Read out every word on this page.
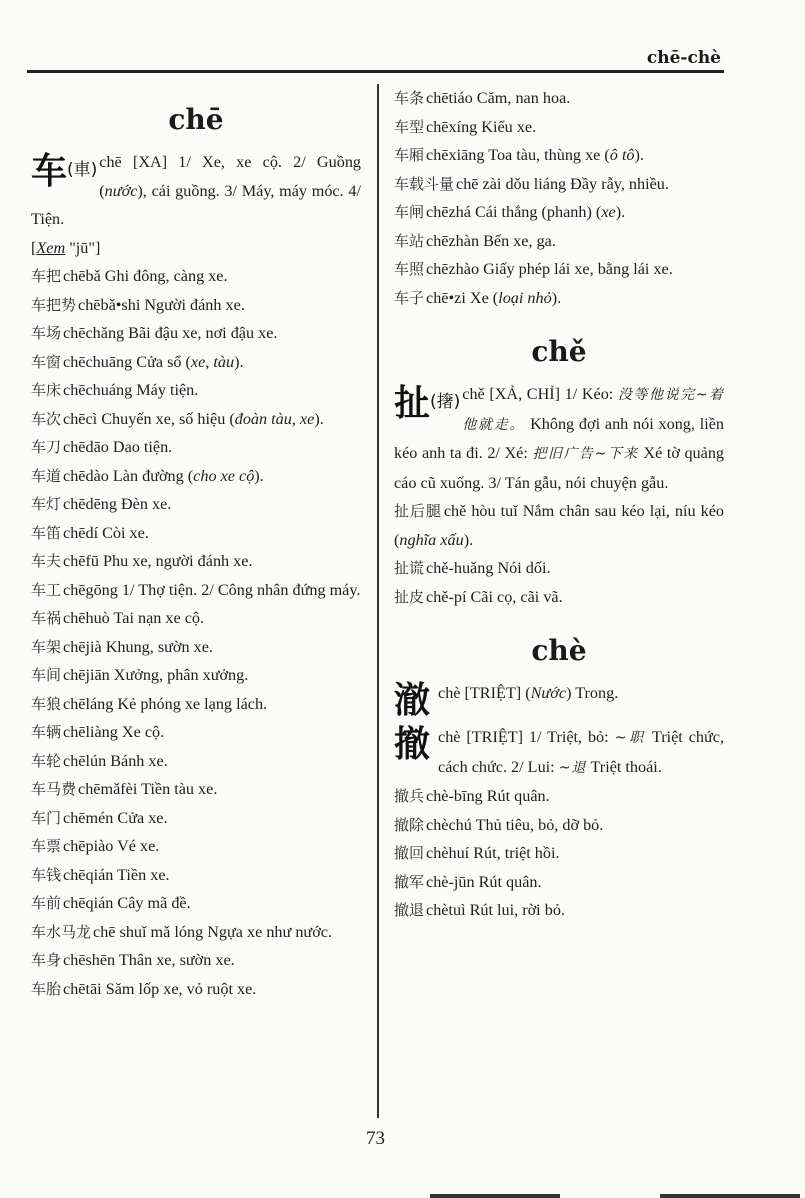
chē-chè
chē
车$^{(車)}$ chē [XA] 1/ Xe, xe cộ. 2/ Guồng (nước), cái guồng. 3/ Máy, máy móc. 4/ Tiện.
[Xem "jū"]
车把 chēbǎ Ghi đông, càng xe.
车把势 chēbǎ•shi Người đánh xe.
车场 chēchǎng Bãi đậu xe, nơi đậu xe.
车窗 chēchuāng Cửa sổ (xe, tàu).
车床 chēchuáng Máy tiện.
车次 chēcì Chuyến xe, số hiệu (đoàn tàu, xe).
车刀 chēdāo Dao tiện.
车道 chēdào Làn đường (cho xe cộ).
车灯 chēdēng Đèn xe.
车笛 chēdí Còi xe.
车夫 chēfū Phu xe, người đánh xe.
车工 chēgōng 1/ Thợ tiện. 2/ Công nhân đứng máy.
车祸 chēhuò Tai nạn xe cộ.
车架 chējià Khung, sườn xe.
车间 chējiān Xưởng, phân xưởng.
车狼 chēláng Kẻ phóng xe lạng lách.
车辆 chēliàng Xe cộ.
车轮 chēlún Bánh xe.
车马费 chēmǎfèi Tiền tàu xe.
车门 chēmén Cửa xe.
车票 chēpiào Vé xe.
车钱 chēqián Tiền xe.
车前 chēqián Cây mã đề.
车水马龙 chē shuǐ mǎ lóng Ngựa xe như nước.
车身 chēshēn Thân xe, sườn xe.
车胎 chētāi Săm lốp xe, vỏ ruột xe.
车条 chētiáo Căm, nan hoa.
车型 chēxíng Kiểu xe.
车厢 chēxiāng Toa tàu, thùng xe (ô tô).
车载斗量 chē zài dǒu liáng Đầy rẫy, nhiều.
车闸 chēzhá Cái thắng (phanh) (xe).
车站 chēzhàn Bến xe, ga.
车照 chēzhào Giấy phép lái xe, bằng lái xe.
车子 chē•zi Xe (loại nhỏ).
chě
扯$^{(撦)}$ chě [XẢ, CHỈ] 1/ Kéo: 没等他说完~着他就走。 Không đợi anh nói xong, liền kéo anh ta đi. 2/ Xé: 把旧广告~下来 Xé tờ quảng cáo cũ xuống. 3/ Tán gẫu, nói chuyện gẫu.
扯后腿 chě hòu tuǐ Nắm chân sau kéo lại, níu kéo (nghĩa xấu).
扯谎 chě-huǎng Nói dối.
扯皮 chě-pí Cãi cọ, cãi vã.
chè
澈 chè [TRIỆT] (Nước) Trong.
撤 chè [TRIỆT] 1/ Triệt, bỏ: ~职 Triệt chức, cách chức. 2/ Lui: ~退 Triệt thoái.
撤兵 chè-bīng Rút quân.
撤除 chèchú Thủ tiêu, bỏ, dỡ bỏ.
撤回 chèhuí Rút, triệt hồi.
撤军 chè-jūn Rút quân.
撤退 chètuì Rút lui, rời bỏ.
73
